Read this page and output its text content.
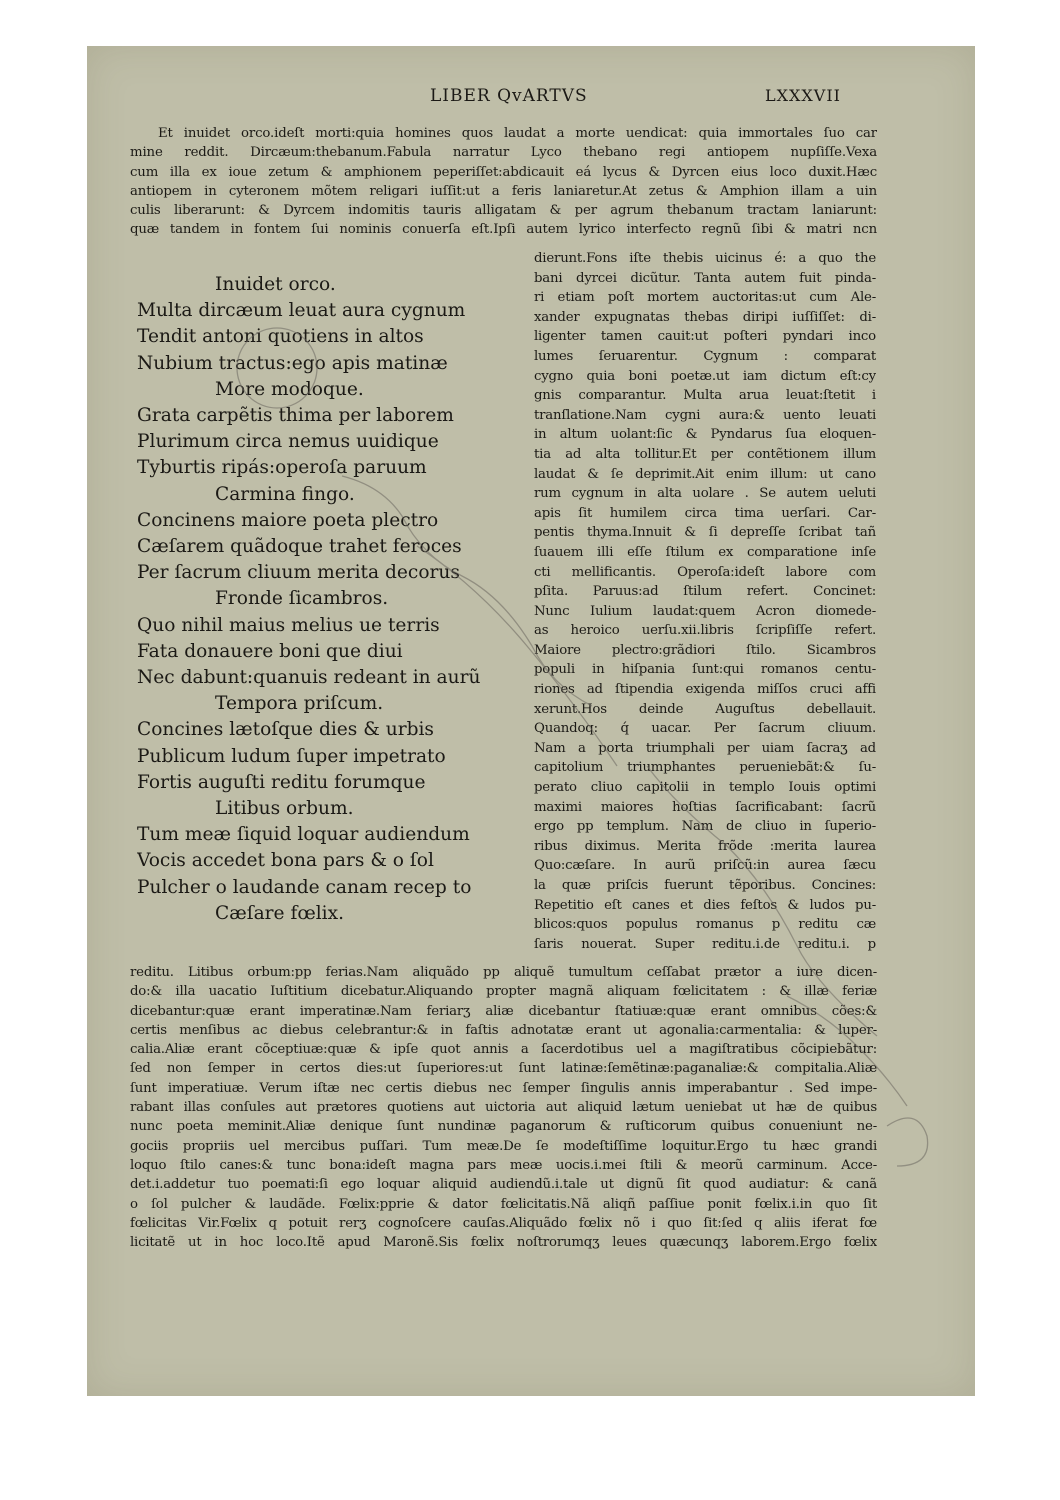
LIBER QvARTVS	LXXXVII
Et inuidet orco.ideſt morti:quia homines quos laudat a morte uendicat: quia immortales ſuo car
mine reddit. Dircæum:thebanum.Fabula narratur Lyco thebano regi antiopem nupſiſſe.Vexa
cum illa ex ioue zetum & amphionem peperiſſet:abdicauit eá lycus & Dyrcen eius loco duxit.Hæc
antiopem in cyteronem mõtem religari iuſſit:ut a feris laniaretur.At zetus & Amphion illam a uin
culis liberarunt: & Dyrcem indomitis tauris alligatam & per agrum thebanum tractam laniarunt:
quæ tandem in fontem ſui nominis conuerſa eſt.Ipſi autem lyrico interfecto regnũ ſibi & matri ncn
Inuidet orco.
Multa dircæum leuat aura cygnum
Tendit antoni quotiens in altos
Nubium tractus:ego apis matinæ
More modoque.
Grata carpẽtis thima per laborem
Plurimum circa nemus uuidique
Tyburtis ripás:operoſa paruum
Carmina fingo.
Concinens maiore poeta plectro
Cæſarem quãdoque trahet feroces
Per ſacrum cliuum merita decorus
Fronde ſicambros.
Quo nihil maius melius ue terris
Fata donauere boni que diui
Nec dabunt:quanuis redeant in aurũ
Tempora priſcum.
Concines lætoſque dies & urbis
Publicum ludum ſuper impetrato
Fortis auguſti reditu forumque
Litibus orbum.
Tum meæ ſiquid loquar audiendum
Vocis accedet bona pars & o ſol
Pulcher o laudande canam recep to
Cæſare fœlix.
dierunt.Fons iſte thebis uicinus é: a quo the
bani dyrcei dicũtur. Tanta autem fuit pinda-
ri etiam poſt mortem auctoritas:ut cum Ale-
xander expugnatas thebas diripi iuſſiſſet: di-
ligenter tamen cauit:ut poſteri pyndari inco
lumes ſeruarentur. Cygnum : comparat
cygno quia boni poetæ.ut iam dictum eſt:cy
gnis comparantur. Multa arua leuat:ſtetit i
tranſlatione.Nam cygni aura:& uento leuati
in altum uolant:ſic & Pyndarus ſua eloquen-
tia ad alta tollitur.Et per contẽtionem illum
laudat & ſe deprimit.Ait enim illum: ut cano
rum cygnum in alta uolare . Se autem ueluti
apis ſit humilem circa tima uerſari. Car-
pentis thyma.Innuit & ſi depreſſe ſcribat tañ
ſuauem illi eſſe ſtilum ex comparatione inſe
cti mellificantis. Operoſa:ideſt labore com
pſita. Paruus:ad ſtilum refert. Concinet:
Nunc Iulium laudat:quem Acron diomede-
as heroico uerſu.xii.libris ſcripſiſſe refert.
Maiore plectro:grãdiori ſtilo. Sicambros
populi in hiſpania ſunt:qui romanos centu-
riones ad ſtipendia exigenda miſſos cruci affi
xerunt.Hos deinde Auguſtus debellauit.
Quandoq: q́ uacar. Per ſacrum cliuum.
Nam a porta triumphali per uiam ſacraʒ ad
capitolium triumphantes perueniebãt:& ſu-
perato cliuo capitolii in templo Iouis optimi
maximi maiores hoſtias ſacrificabant: ſacrũ
ergo pp templum. Nam de cliuo in ſuperio-
ribus diximus. Merita frõde :merita laurea
Quo:cæſare. In aurũ priſcũ:in aurea ſæcu
la quæ priſcis fuerunt tẽporibus. Concines:
Repetitio eſt canes et dies feſtos & ludos pu-
blicos:quos populus romanus p reditu cæ
ſaris nouerat. Super reditu.i.de reditu.i. p
reditu. Litibus orbum:pp ferias.Nam aliquãdo pp aliquẽ tumultum ceſſabat prætor a iure dicen-
do:& illa uacatio Iuſtitium dicebatur.Aliquando propter magnã aliquam fœlicitatem : & illæ feriæ
dicebantur:quæ erant imperatinæ.Nam feriarʒ aliæ dicebantur ſtatiuæ:quæ erant omnibus cões:&
certis menſibus ac diebus celebrantur:& in faſtis adnotatæ erant ut agonalia:carmentalia: & luper-
calia.Aliæ erant cõceptiuæ:quæ & ipſe quot annis a ſacerdotibus uel a magiſtratibus cõcipiebãtur:
ſed non ſemper in certos dies:ut ſuperiores:ut ſunt latinæ:ſemẽtinæ:paganaliæ:& compitalia.Aliæ
ſunt imperatiuæ. Verum iſtæ nec certis diebus nec ſemper ſingulis annis imperabantur . Sed impe-
rabant illas conſules aut prætores quotiens aut uictoria aut aliquid lætum ueniebat ut hæ de quibus
nunc poeta meminit.Aliæ denique ſunt nundinæ paganorum & ruſticorum quibus conueniunt ne-
gociis propriis uel mercibus puſſari. Tum meæ.De ſe modeſtiſſime loquitur.Ergo tu hæc grandi
loquo ſtilo canes:& tunc bona:ideſt magna pars meæ uocis.i.mei ſtili & meorũ carminum. Acce-
det.i.addetur tuo poemati:ſi ego loquar aliquid audiendũ.i.tale ut dignũ ſit quod audiatur: & canã
o ſol pulcher & laudãde. Fœlix:pprie & dator fœlicitatis.Nã aliqñ paſſiue ponit fœlix.i.in quo ſit
fœlicitas Vir.Fœlix q potuit rerʒ cognoſcere cauſas.Aliquãdo fœlix nõ i quo ſit:ſed q aliis iferat fœ
licitatẽ ut in hoc loco.Itẽ apud Maronẽ.Sis fœlix noſtrorumqʒ leues quæcunqʒ laborem.Ergo fœlix
